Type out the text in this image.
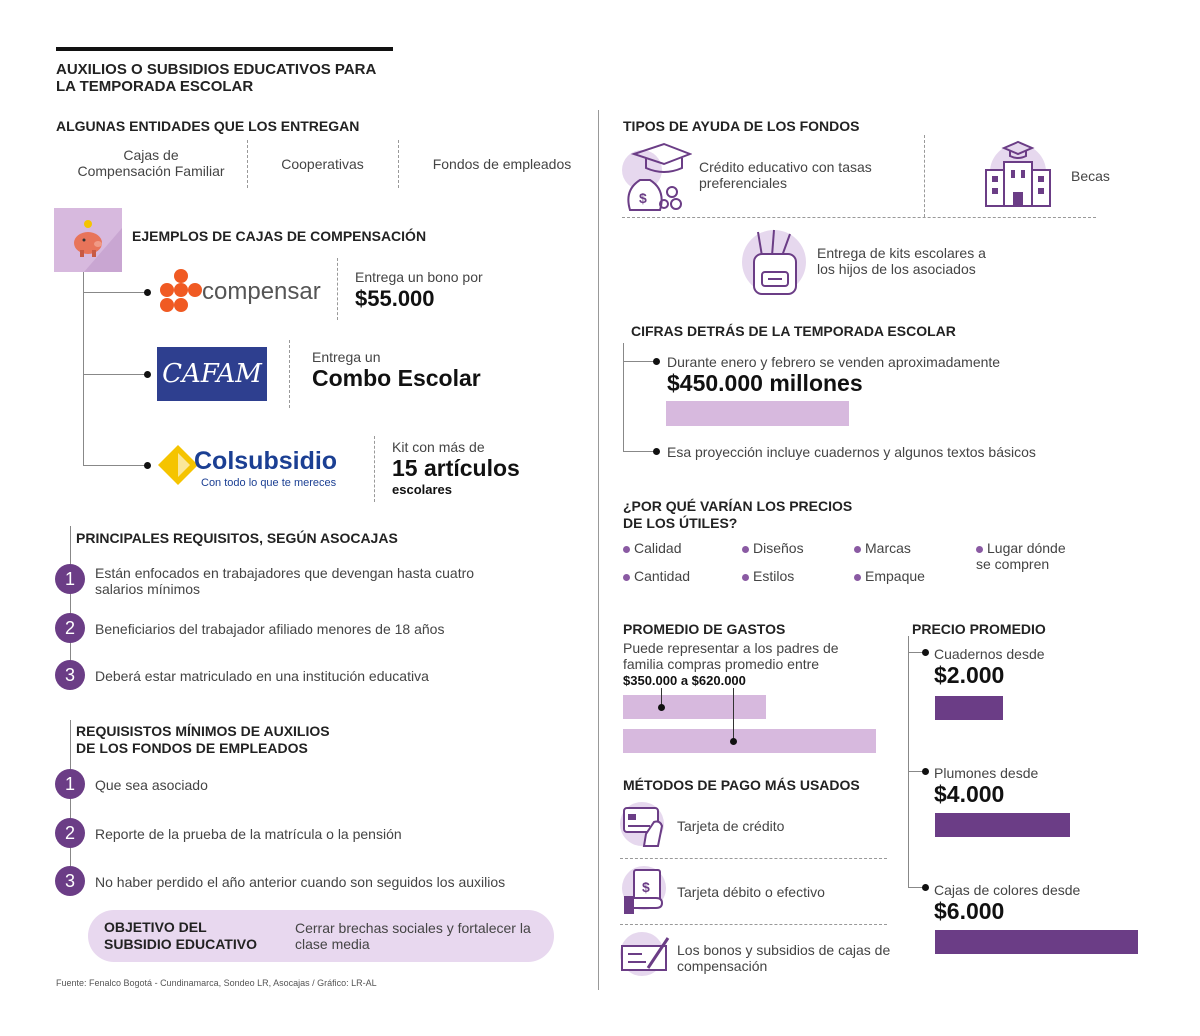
AUXILIOS O SUBSIDIOS EDUCATIVOS PARA
LA TEMPORADA ESCOLAR
ALGUNAS ENTIDADES QUE LOS ENTREGAN
Cajas de
Compensación Familiar	Cooperativas	Fondos de empleados
EJEMPLOS DE CAJAS DE COMPENSACIÓN
compensar
Entrega un bono por
$55.000
CAFAM
Entrega un
Combo Escolar
Colsubsidio
Con todo lo que te mereces
Kit con más de
15 artículos
escolares
PRINCIPALES REQUISITOS, SEGÚN ASOCAJAS
1	Están enfocados en trabajadores que devengan hasta cuatro salarios mínimos
2	Beneficiarios del trabajador afiliado menores de 18 años
3	Deberá estar matriculado en una institución educativa
REQUISISTOS MÍNIMOS DE AUXILIOS
DE LOS FONDOS DE EMPLEADOS
1	Que sea asociado
2	Reporte de la prueba de la matrícula o la pensión
3	No haber perdido el año anterior cuando son seguidos los auxilios
OBJETIVO DEL
SUBSIDIO EDUCATIVO
Cerrar brechas sociales y fortalecer la clase media
Fuente: Fenalco Bogotá - Cundinamarca, Sondeo LR, Asocajas / Gráfico: LR-AL
TIPOS DE AYUDA DE LOS FONDOS
$
Crédito educativo con tasas preferenciales	Becas
Entrega de kits escolares a los hijos de los asociados
CIFRAS DETRÁS DE LA TEMPORADA ESCOLAR
Durante enero y febrero se venden aproximadamente
$450.000 millones
Esa proyección incluye cuadernos y algunos textos básicos
¿POR QUÉ VARÍAN LOS PRECIOS
DE LOS ÚTILES?
Calidad	Diseños	Marcas	Lugar dónde se compren
Cantidad	Estilos	Empaque
PROMEDIO DE GASTOS
Puede representar a los padres de familia compras promedio entre
$350.000 a $620.000
MÉTODOS DE PAGO MÁS USADOS
Tarjeta de crédito
$ Tarjeta débito o efectivo
Los bonos y subsidios de cajas de compensación
PRECIO PROMEDIO
Cuadernos desde
$2.000
Plumones desde
$4.000
Cajas de colores desde
$6.000
